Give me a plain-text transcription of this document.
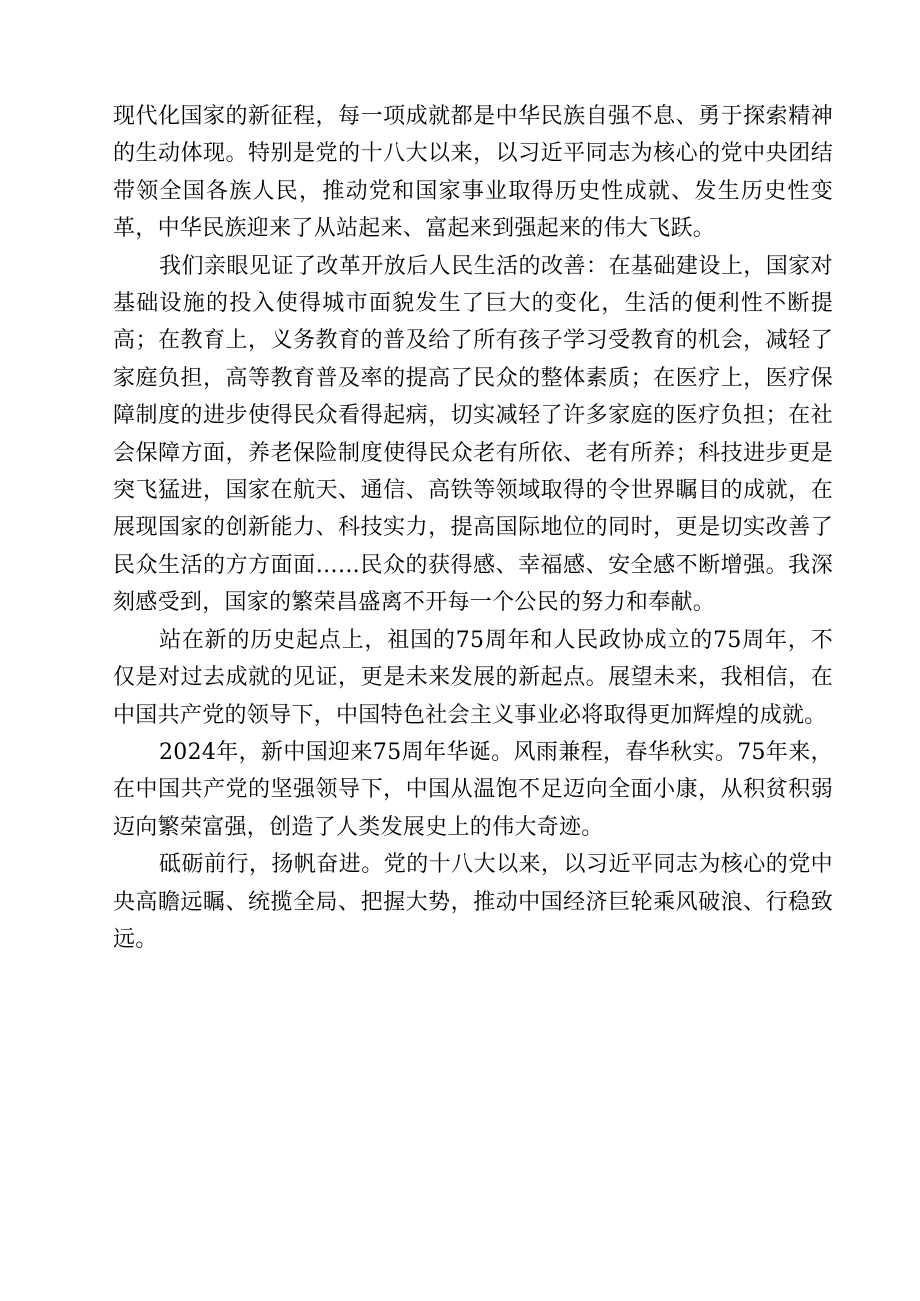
现代化国家的新征程，每一项成就都是中华民族自强不息、勇于探索精神的生动体现。特别是党的十八大以来，以习近平同志为核心的党中央团结带领全国各族人民，推动党和国家事业取得历史性成就、发生历史性变革，中华民族迎来了从站起来、富起来到强起来的伟大飞跃。

我们亲眼见证了改革开放后人民生活的改善：在基础建设上，国家对基础设施的投入使得城市面貌发生了巨大的变化，生活的便利性不断提高；在教育上，义务教育的普及给了所有孩子学习受教育的机会，减轻了家庭负担，高等教育普及率的提高了民众的整体素质；在医疗上，医疗保障制度的进步使得民众看得起病，切实减轻了许多家庭的医疗负担；在社会保障方面，养老保险制度使得民众老有所依、老有所养；科技进步更是突飞猛进，国家在航天、通信、高铁等领域取得的令世界瞩目的成就，在展现国家的创新能力、科技实力，提高国际地位的同时，更是切实改善了民众生活的方方面面……民众的获得感、幸福感、安全感不断增强。我深刻感受到，国家的繁荣昌盛离不开每一个公民的努力和奉献。

站在新的历史起点上，祖国的75周年和人民政协成立的75周年，不仅是对过去成就的见证，更是未来发展的新起点。展望未来，我相信，在中国共产党的领导下，中国特色社会主义事业必将取得更加辉煌的成就。

2024年，新中国迎来75周年华诞。风雨兼程，春华秋实。75年来，在中国共产党的坚强领导下，中国从温饱不足迈向全面小康，从积贫积弱迈向繁荣富强，创造了人类发展史上的伟大奇迹。

砥砺前行，扬帆奋进。党的十八大以来，以习近平同志为核心的党中央高瞻远瞩、统揽全局、把握大势，推动中国经济巨轮乘风破浪、行稳致远。
